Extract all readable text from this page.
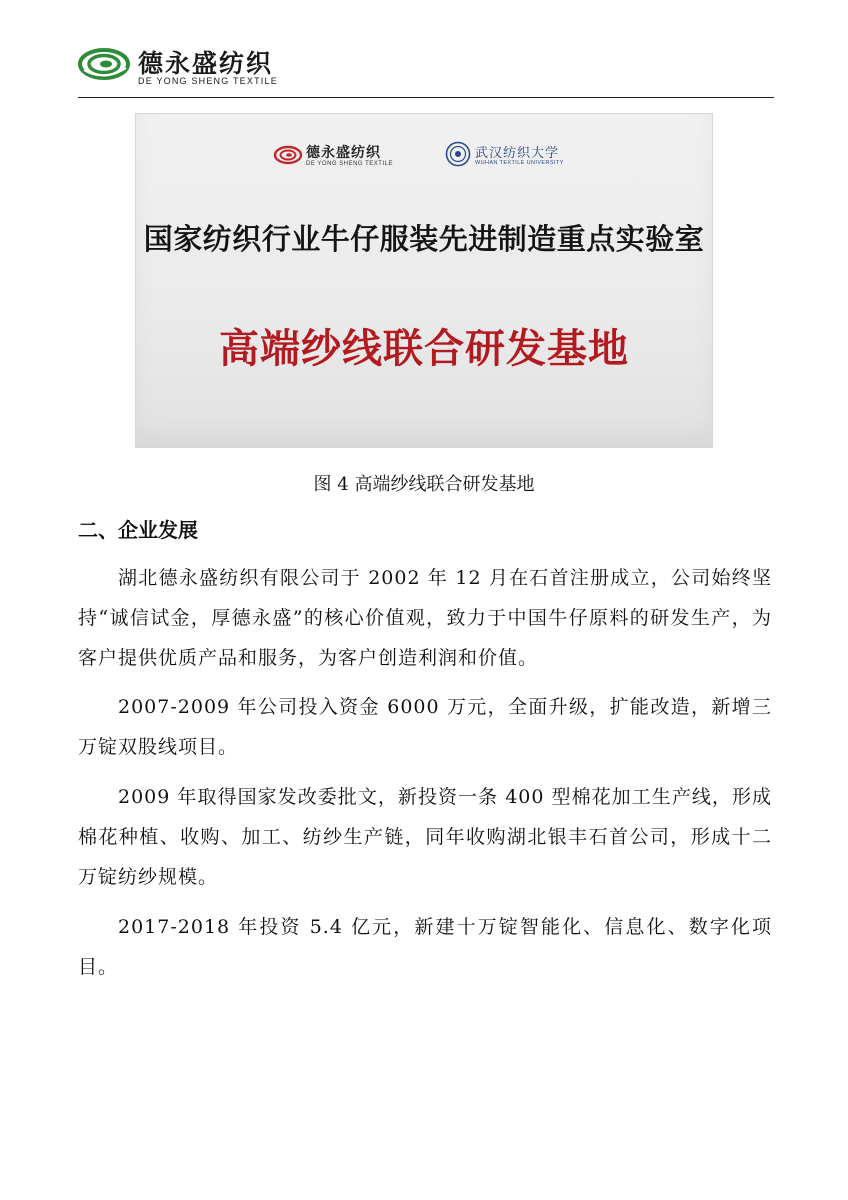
德永盛纺织
DE YONG SHENG TEXTILE
德永盛纺织
DE YONG SHENG TEXTILE
武汉纺织大学
WUHAN TEXTILE UNIVERSITY
国家纺织行业牛仔服装先进制造重点实验室
高端纱线联合研发基地
图 4 高端纱线联合研发基地
二、企业发展

湖北德永盛纺织有限公司于 2002 年 12 月在石首注册成立，公司始终坚持“诚信试金，厚德永盛”的核心价值观，致力于中国牛仔原料的研发生产，为客户提供优质产品和服务，为客户创造利润和价值。

2007-2009 年公司投入资金 6000 万元，全面升级，扩能改造，新增三万锭双股线项目。

2009 年取得国家发改委批文，新投资一条 400 型棉花加工生产线，形成棉花种植、收购、加工、纺纱生产链，同年收购湖北银丰石首公司，形成十二万锭纺纱规模。

2017-2018 年投资 5.4 亿元，新建十万锭智能化、信息化、数字化项目。
